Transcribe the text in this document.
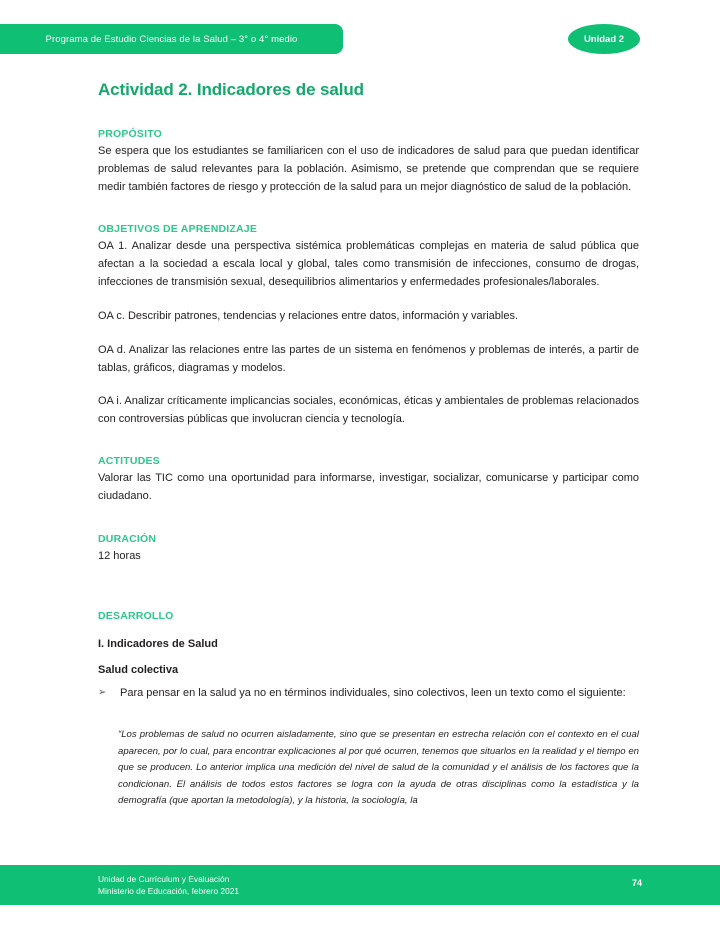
Programa de Estudio Ciencias de la Salud – 3° o 4° medio	Unidad 2
Actividad 2. Indicadores de salud
PROPÓSITO

Se espera que los estudiantes se familiaricen con el uso de indicadores de salud para que puedan identificar problemas de salud relevantes para la población. Asimismo, se pretende que comprendan que se requiere medir también factores de riesgo y protección de la salud para un mejor diagnóstico de salud de la población.

OBJETIVOS DE APRENDIZAJE

OA 1. Analizar desde una perspectiva sistémica problemáticas complejas en materia de salud pública que afectan a la sociedad a escala local y global, tales como transmisión de infecciones, consumo de drogas, infecciones de transmisión sexual, desequilibrios alimentarios y enfermedades profesionales/laborales.

OA c. Describir patrones, tendencias y relaciones entre datos, información y variables.

OA d. Analizar las relaciones entre las partes de un sistema en fenómenos y problemas de interés, a partir de tablas, gráficos, diagramas y modelos.

OA i. Analizar críticamente implicancias sociales, económicas, éticas y ambientales de problemas relacionados con controversias públicas que involucran ciencia y tecnología.

ACTITUDES

Valorar las TIC como una oportunidad para informarse, investigar, socializar, comunicarse y participar como ciudadano.

DURACIÓN

12 horas

DESARROLLO
I. Indicadores de Salud
Salud colectiva
➢	Para pensar en la salud ya no en términos individuales, sino colectivos, leen un texto como el siguiente:

“Los problemas de salud no ocurren aisladamente, sino que se presentan en estrecha relación con el contexto en el cual aparecen, por lo cual, para encontrar explicaciones al por qué ocurren, tenemos que situarlos en la realidad y el tiempo en que se producen. Lo anterior implica una medición del nivel de salud de la comunidad y el análisis de los factores que la condicionan. El análisis de todos estos factores se logra con la ayuda de otras disciplinas como la estadística y la demografía (que aportan la metodología), y la historia, la sociología, la

Unidad de Currículum y Evaluación
Ministerio de Educación, febrero 2021
74
